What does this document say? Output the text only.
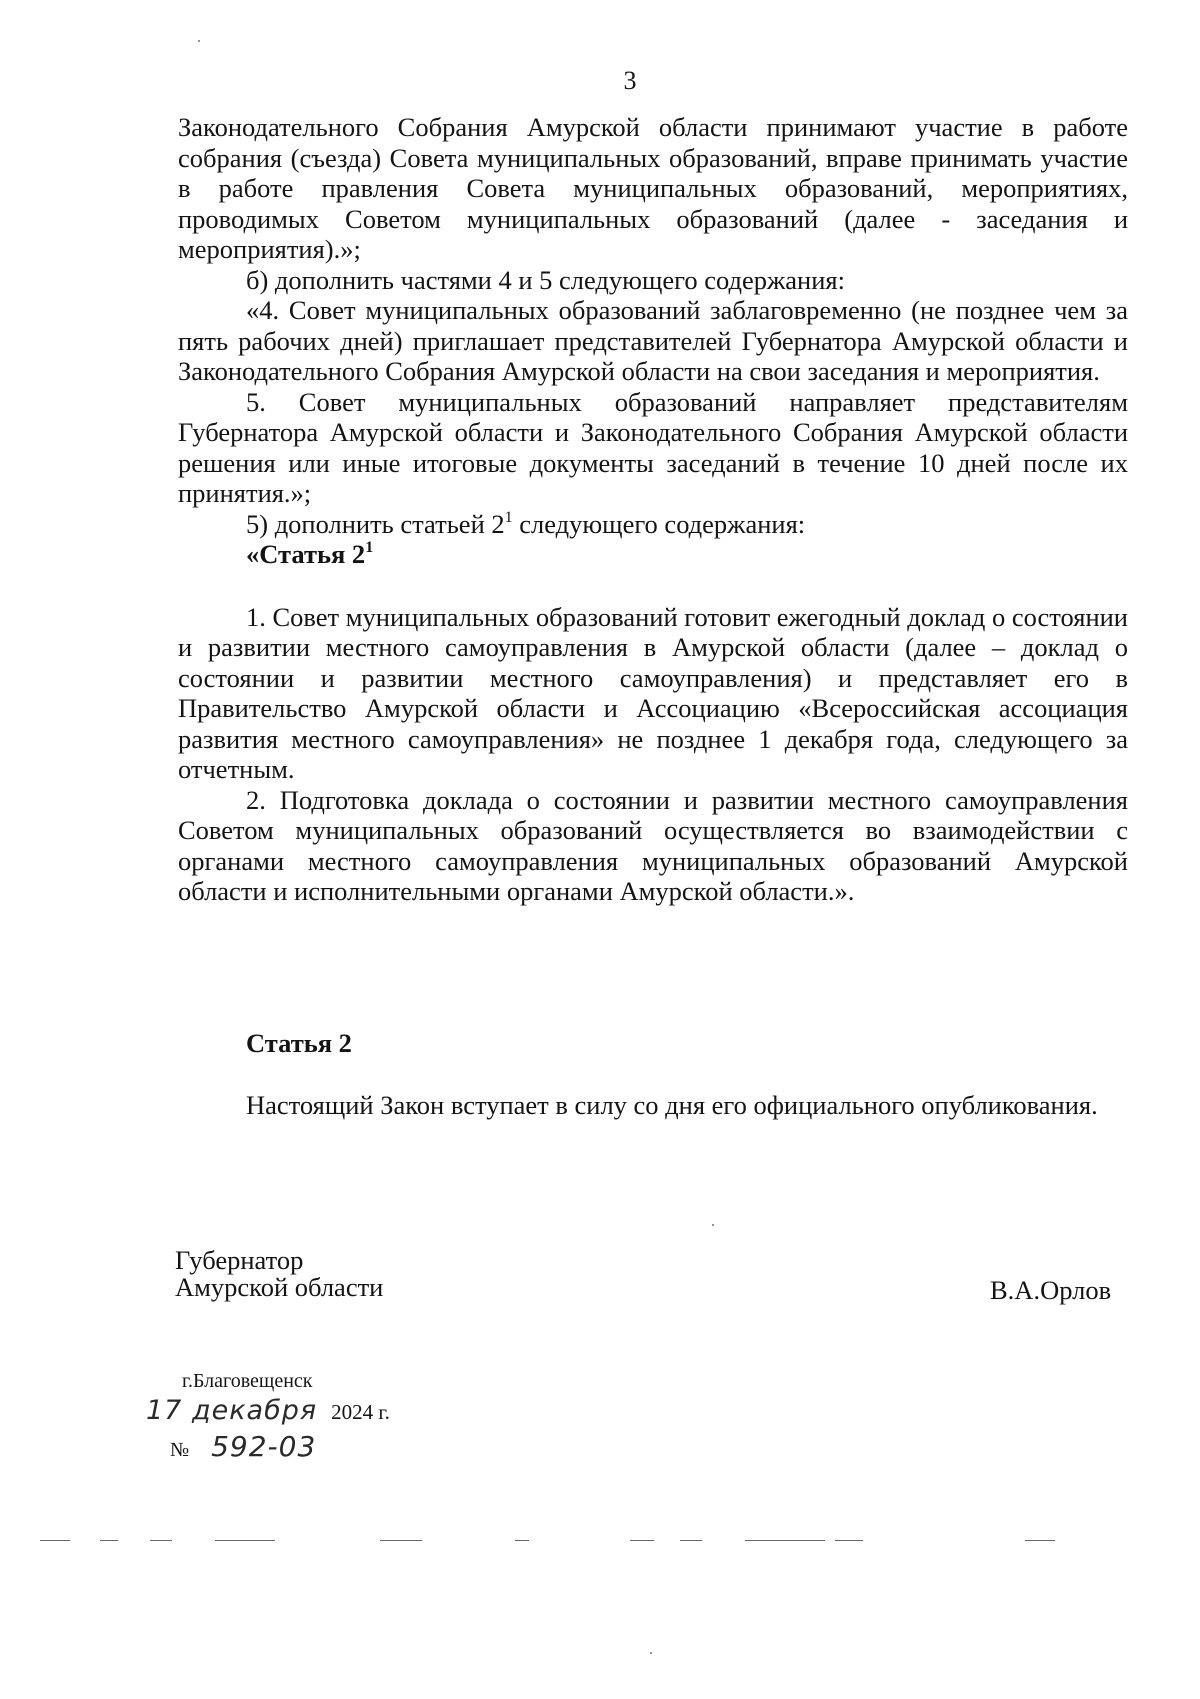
3

Законодательного Собрания Амурской области принимают участие в работе собрания (съезда) Совета муниципальных образований, вправе принимать участие в работе правления Совета муниципальных образований, мероприятиях, проводимых Советом муниципальных образований (далее - заседания и мероприятия).»;

б) дополнить частями 4 и 5 следующего содержания:

«4. Совет муниципальных образований заблаговременно (не позднее чем за пять рабочих дней) приглашает представителей Губернатора Амурской области и Законодательного Собрания Амурской области на свои заседания и мероприятия.

5. Совет муниципальных образований направляет представителям Губернатора Амурской области и Законодательного Собрания Амурской области решения или иные итоговые документы заседаний в течение 10 дней после их принятия.»;

5) дополнить статьей $2^1$ следующего содержания:

«Статья $2^1$

1. Совет муниципальных образований готовит ежегодный доклад о состоянии и развитии местного самоуправления в Амурской области (далее – доклад о состоянии и развитии местного самоуправления) и представляет его в Правительство Амурской области и Ассоциацию «Всероссийская ассоциация развития местного самоуправления» не позднее 1 декабря года, следующего за отчетным.

2. Подготовка доклада о состоянии и развитии местного самоуправления Советом муниципальных образований осуществляется во взаимодействии с органами местного самоуправления муниципальных образований Амурской области и исполнительными органами Амурской области.».

Статья 2

Настоящий Закон вступает в силу со дня его официального опубликования.

Губернатор
Амурской области	В.А.Орлов
г.Благовещенск
17 декабря 2024 г.
№ 592-03
